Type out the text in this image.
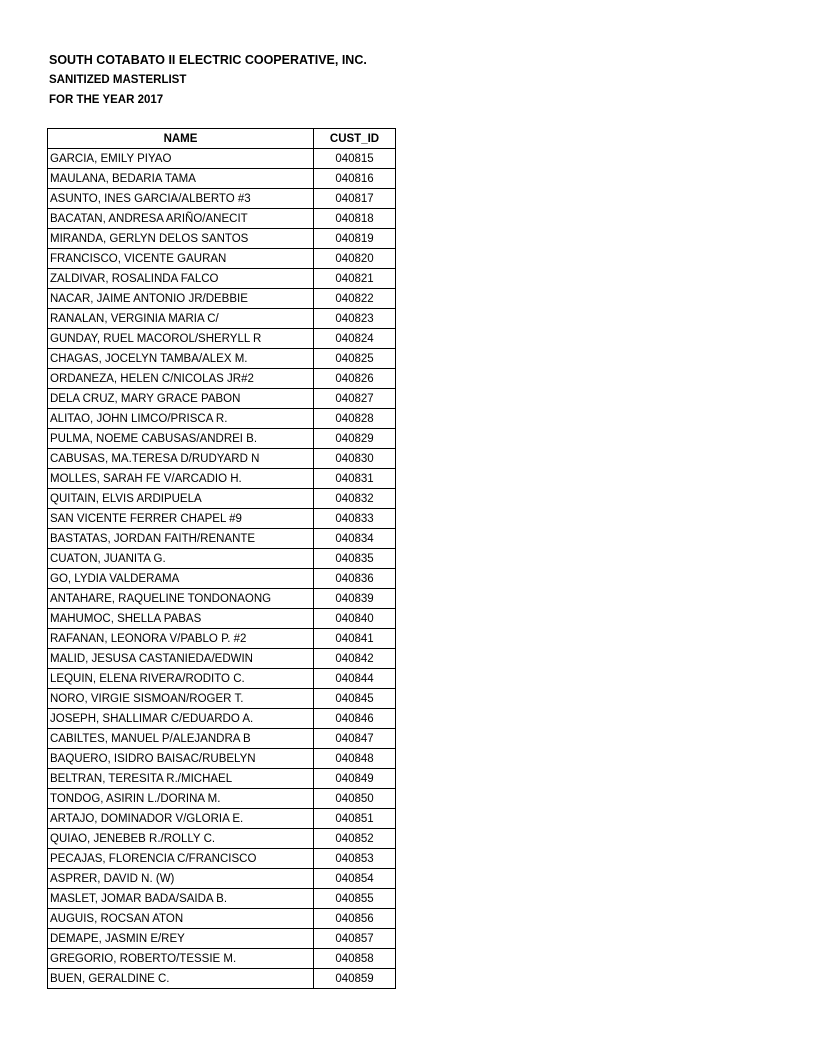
SOUTH COTABATO II ELECTRIC COOPERATIVE, INC.
SANITIZED MASTERLIST
FOR THE YEAR 2017
NAME	CUST_ID
GARCIA, EMILY PIYAO	040815
MAULANA, BEDARIA TAMA	040816
ASUNTO, INES GARCIA/ALBERTO #3	040817
BACATAN, ANDRESA ARIÑO/ANECIT	040818
MIRANDA, GERLYN DELOS SANTOS	040819
FRANCISCO, VICENTE GAURAN	040820
ZALDIVAR, ROSALINDA FALCO	040821
NACAR, JAIME ANTONIO JR/DEBBIE	040822
RANALAN, VERGINIA MARIA C/	040823
GUNDAY, RUEL MACOROL/SHERYLL R	040824
CHAGAS, JOCELYN TAMBA/ALEX M.	040825
ORDANEZA, HELEN C/NICOLAS JR#2	040826
DELA CRUZ, MARY GRACE PABON	040827
ALITAO, JOHN LIMCO/PRISCA R.	040828
PULMA, NOEME CABUSAS/ANDREI B.	040829
CABUSAS, MA.TERESA D/RUDYARD N	040830
MOLLES, SARAH FE V/ARCADIO H.	040831
QUITAIN, ELVIS ARDIPUELA	040832
SAN VICENTE FERRER CHAPEL #9	040833
BASTATAS, JORDAN FAITH/RENANTE	040834
CUATON, JUANITA G.	040835
GO, LYDIA VALDERAMA	040836
ANTAHARE, RAQUELINE TONDONAONG	040839
MAHUMOC, SHELLA PABAS	040840
RAFANAN, LEONORA V/PABLO P. #2	040841
MALID, JESUSA CASTANIEDA/EDWIN	040842
LEQUIN, ELENA RIVERA/RODITO C.	040844
NORO, VIRGIE SISMOAN/ROGER T.	040845
JOSEPH, SHALLIMAR C/EDUARDO A.	040846
CABILTES, MANUEL P/ALEJANDRA B	040847
BAQUERO, ISIDRO BAISAC/RUBELYN	040848
BELTRAN, TERESITA R./MICHAEL	040849
TONDOG, ASIRIN L./DORINA M.	040850
ARTAJO, DOMINADOR V/GLORIA E.	040851
QUIAO, JENEBEB R./ROLLY C.	040852
PECAJAS, FLORENCIA C/FRANCISCO	040853
ASPRER, DAVID N. (W)	040854
MASLET, JOMAR BADA/SAIDA B.	040855
AUGUIS, ROCSAN ATON	040856
DEMAPE, JASMIN E/REY	040857
GREGORIO, ROBERTO/TESSIE M.	040858
BUEN, GERALDINE C.	040859
